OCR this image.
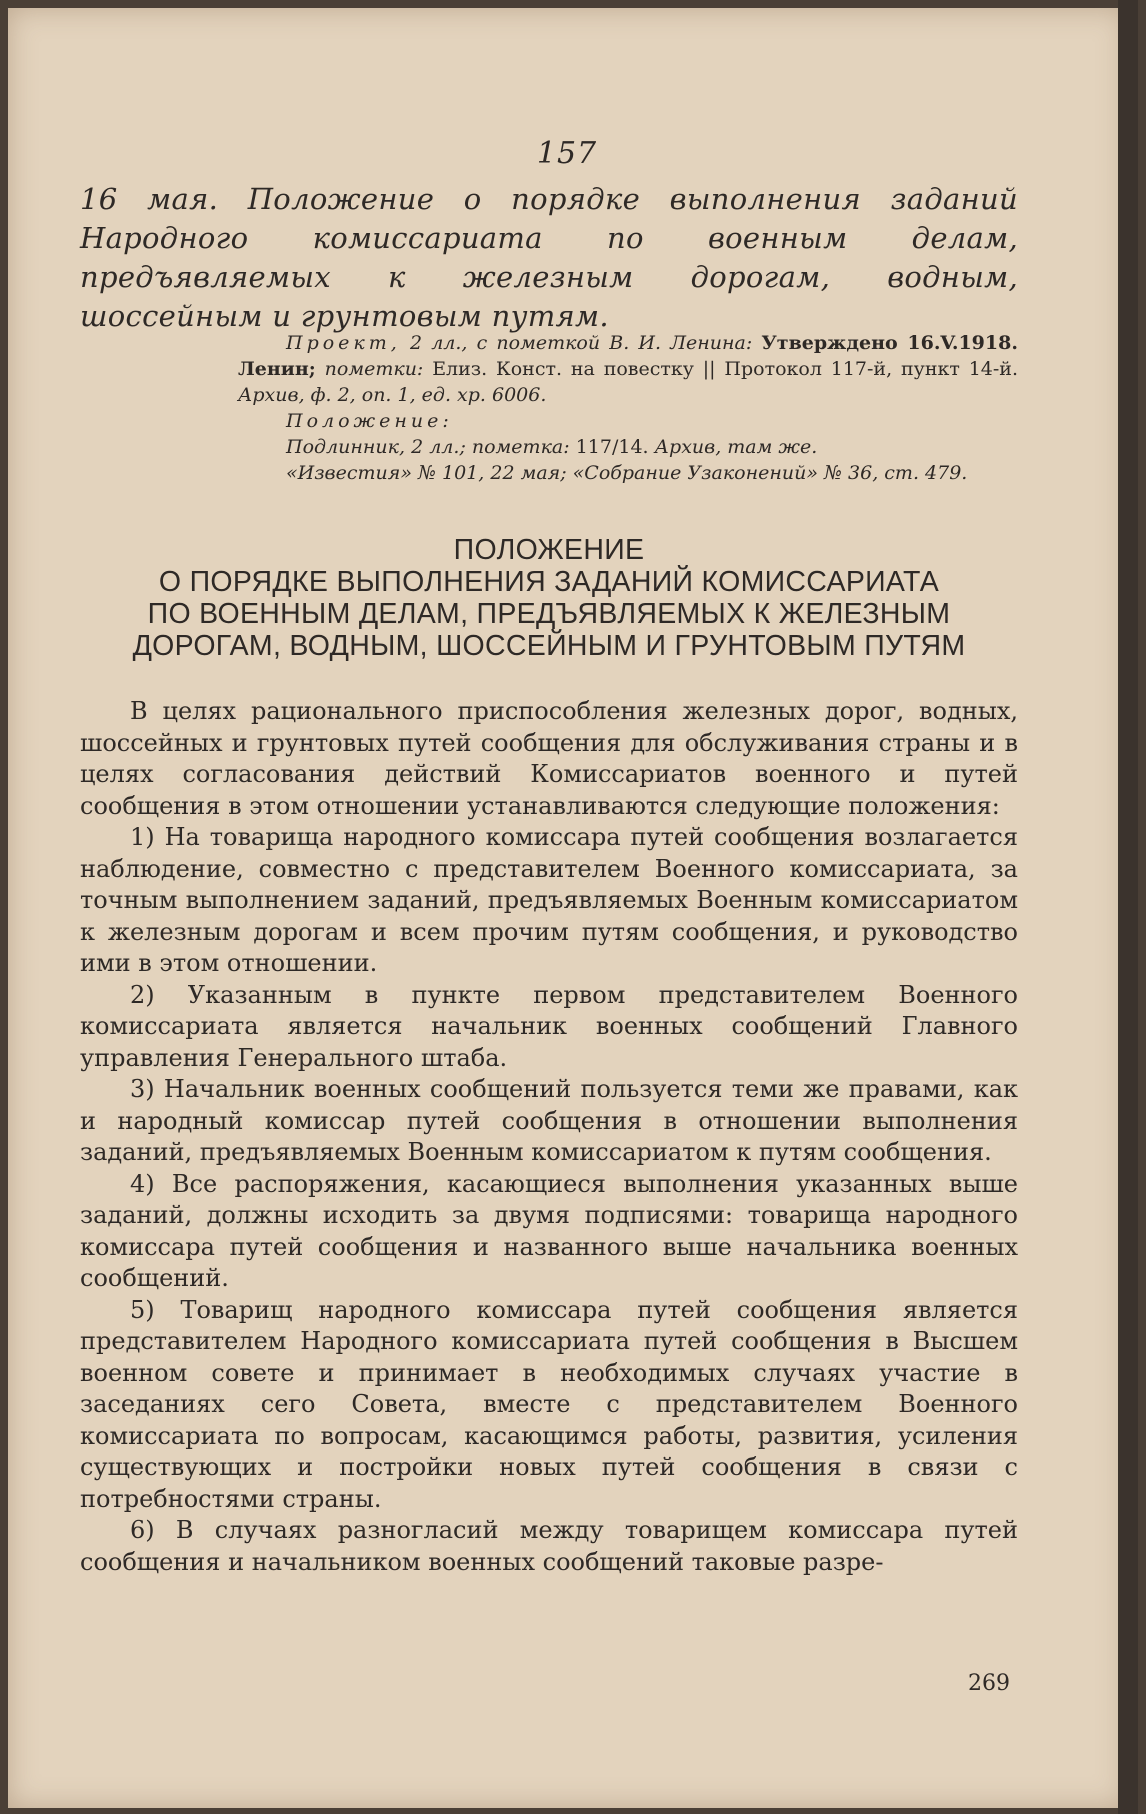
157
16 мая. Положение о порядке выполнения заданий Народного комиссариата по военным делам, предъявляемых к железным дорогам, водным, шоссейным и грунтовым путям.

Проект, 2 лл., с пометкой В. И. Ленина: Утверждено 16.V.1918. Ленин; пометки: Елиз. Конст. на повестку || Протокол 117-й, пункт 14-й. Архив, ф. 2, оп. 1, ед. хр. 6006.

Положение:

Подлинник, 2 лл.; пометка: 117/14. Архив, там же.

«Известия» № 101, 22 мая; «Собрание Узаконений» № 36, ст. 479.

ПОЛОЖЕНИЕ
О ПОРЯДКЕ ВЫПОЛНЕНИЯ ЗАДАНИЙ КОМИССАРИАТА
ПО ВОЕННЫМ ДЕЛАМ, ПРЕДЪЯВЛЯЕМЫХ К ЖЕЛЕЗНЫМ
ДОРОГАМ, ВОДНЫМ, ШОССЕЙНЫМ И ГРУНТОВЫМ ПУТЯМ

В целях рационального приспособления железных дорог, водных, шоссейных и грунтовых путей сообщения для обслуживания страны и в целях согласования действий Комиссариатов военного и путей сообщения в этом отношении устанавливаются следующие положения:

1) На товарища народного комиссара путей сообщения возлагается наблюдение, совместно с представителем Военного комиссариата, за точным выполнением заданий, предъявляемых Военным комиссариатом к железным дорогам и всем прочим путям сообщения, и руководство ими в этом отношении.

2) Указанным в пункте первом представителем Военного комиссариата является начальник военных сообщений Главного управления Генерального штаба.

3) Начальник военных сообщений пользуется теми же правами, как и народный комиссар путей сообщения в отношении выполнения заданий, предъявляемых Военным комиссариатом к путям сообщения.

4) Все распоряжения, касающиеся выполнения указанных выше заданий, должны исходить за двумя подписями: товарища народного комиссара путей сообщения и названного выше начальника военных сообщений.

5) Товарищ народного комиссара путей сообщения является представителем Народного комиссариата путей сообщения в Высшем военном совете и принимает в необходимых случаях участие в заседаниях сего Совета, вместе с представителем Военного комиссариата по вопросам, касающимся работы, развития, усиления существующих и постройки новых путей сообщения в связи с потребностями страны.

6) В случаях разногласий между товарищем комиссара путей сообщения и начальником военных сообщений таковые разре-

269
